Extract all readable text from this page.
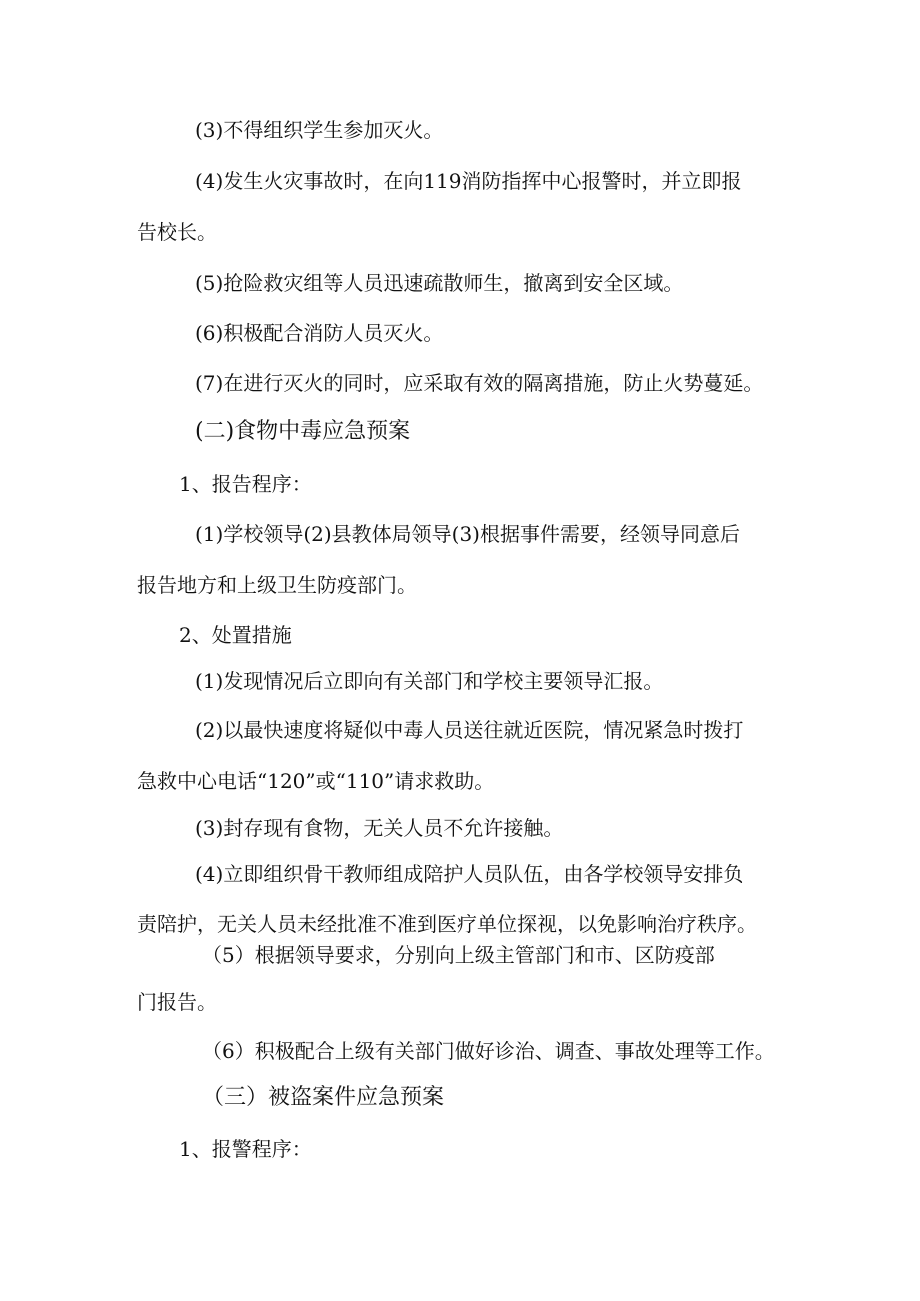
(3)不得组织学生参加灭火。

(4)发生火灾事故时，在向119消防指挥中心报警时，并立即报

告校长。

(5)抢险救灾组等人员迅速疏散师生，撤离到安全区域。

(6)积极配合消防人员灭火。

(7)在进行灭火的同时，应采取有效的隔离措施，防止火势蔓延。

(二)食物中毒应急预案

1、报告程序：

(1)学校领导(2)县教体局领导(3)根据事件需要，经领导同意后

报告地方和上级卫生防疫部门。

2、处置措施

(1)发现情况后立即向有关部门和学校主要领导汇报。

(2)以最快速度将疑似中毒人员送往就近医院，情况紧急时拨打

急救中心电话“120”或“110”请求救助。

(3)封存现有食物，无关人员不允许接触。

(4)立即组织骨干教师组成陪护人员队伍，由各学校领导安排负

责陪护，无关人员未经批准不准到医疗单位探视，以免影响治疗秩序。

（5）根据领导要求，分别向上级主管部门和市、区防疫部

门报告。

（6）积极配合上级有关部门做好诊治、调查、事故处理等工作。

（三）被盗案件应急预案

1、报警程序：
